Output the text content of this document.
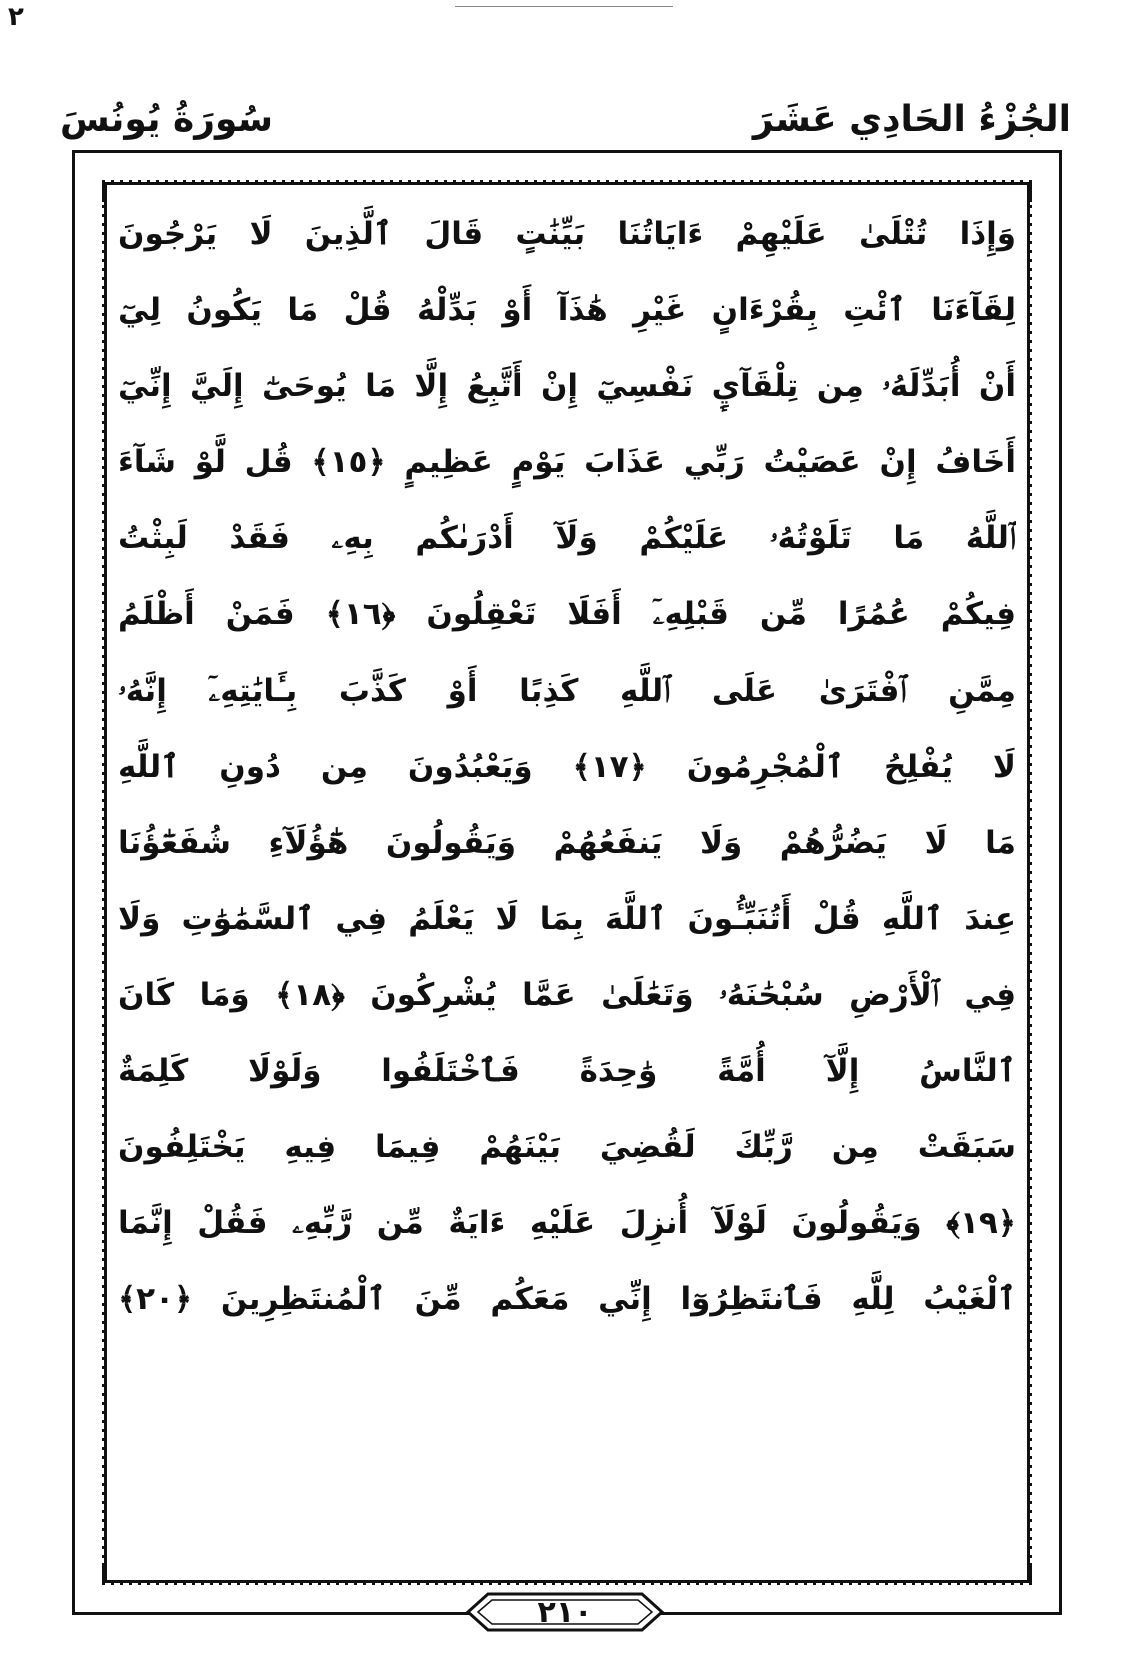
٢
سُورَةُ يُونُسَ	الجُزْءُ الحَادِي عَشَرَ
وَإِذَا تُتْلَىٰ عَلَيْهِمْ ءَايَاتُنَا بَيِّنَٰتٍ قَالَ ٱلَّذِينَ لَا يَرْجُونَ
لِقَآءَنَا ٱئْتِ بِقُرْءَانٍ غَيْرِ هَٰذَآ أَوْ بَدِّلْهُ قُلْ مَا يَكُونُ لِيٓ
أَنْ أُبَدِّلَهُۥ مِن تِلْقَآيِٕ نَفْسِيٓ إِنْ أَتَّبِعُ إِلَّا مَا يُوحَىٰٓ إِلَيَّ إِنِّيٓ
أَخَافُ إِنْ عَصَيْتُ رَبِّي عَذَابَ يَوْمٍ عَظِيمٍ ﴿١٥﴾ قُل لَّوْ شَآءَ
ٱللَّهُ مَا تَلَوْتُهُۥ عَلَيْكُمْ وَلَآ أَدْرَىٰكُم بِهِۦ فَقَدْ لَبِثْتُ
فِيكُمْ عُمُرًا مِّن قَبْلِهِۦٓ أَفَلَا تَعْقِلُونَ ﴿١٦﴾ فَمَنْ أَظْلَمُ
مِمَّنِ ٱفْتَرَىٰ عَلَى ٱللَّهِ كَذِبًا أَوْ كَذَّبَ بِـَٔايَٰتِهِۦٓ إِنَّهُۥ
لَا يُفْلِحُ ٱلْمُجْرِمُونَ ﴿١٧﴾ وَيَعْبُدُونَ مِن دُونِ ٱللَّهِ
مَا لَا يَضُرُّهُمْ وَلَا يَنفَعُهُمْ وَيَقُولُونَ هَٰٓؤُلَآءِ شُفَعَٰٓؤُنَا
عِندَ ٱللَّهِ قُلْ أَتُنَبِّـُٔونَ ٱللَّهَ بِمَا لَا يَعْلَمُ فِي ٱلسَّمَٰوَٰتِ وَلَا
فِي ٱلْأَرْضِ سُبْحَٰنَهُۥ وَتَعَٰلَىٰ عَمَّا يُشْرِكُونَ ﴿١٨﴾ وَمَا كَانَ
ٱلنَّاسُ إِلَّآ أُمَّةً وَٰحِدَةً فَٱخْتَلَفُوا وَلَوْلَا كَلِمَةٌ
سَبَقَتْ مِن رَّبِّكَ لَقُضِيَ بَيْنَهُمْ فِيمَا فِيهِ يَخْتَلِفُونَ
﴿١٩﴾ وَيَقُولُونَ لَوْلَآ أُنزِلَ عَلَيْهِ ءَايَةٌ مِّن رَّبِّهِۦ فَقُلْ إِنَّمَا
ٱلْغَيْبُ لِلَّهِ فَٱنتَظِرُوٓا إِنِّي مَعَكُم مِّنَ ٱلْمُنتَظِرِينَ ﴿٢٠﴾
٢١٠
